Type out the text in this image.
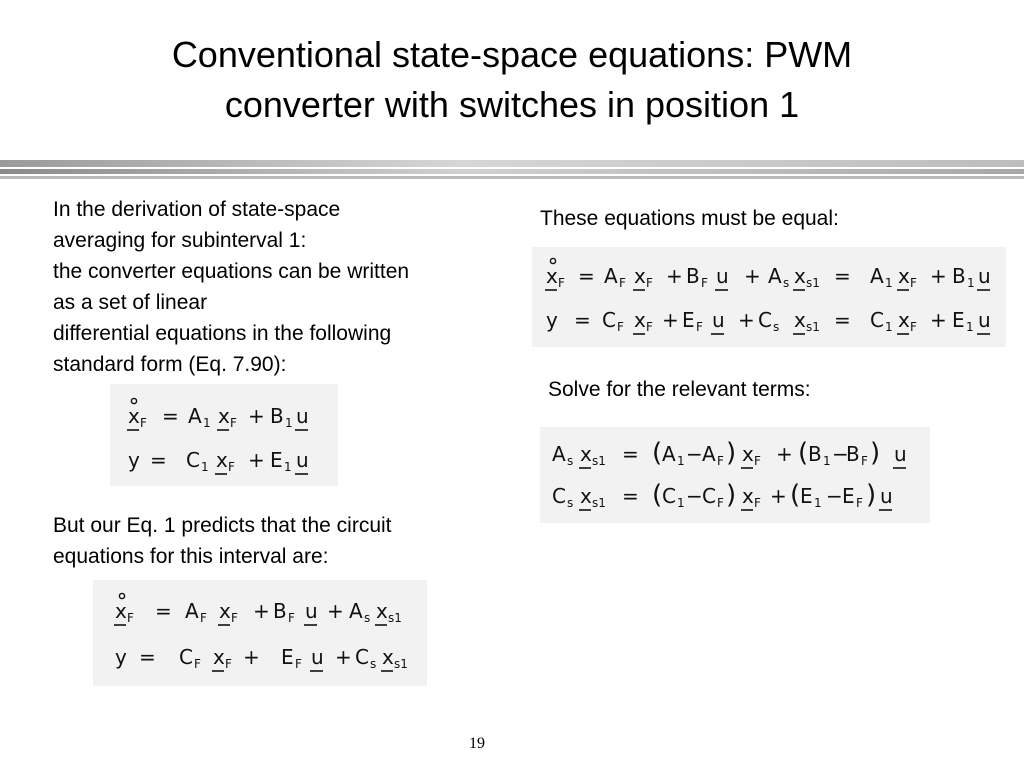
Conventional state-space equations: PWM
converter with switches in position 1
In the derivation of state-space
averaging for subinterval 1:
the converter equations can be written
as a set of linear
differential equations in the following
standard form (Eq. 7.90):
x F = A 1 x F + B 1 u
y = C 1 x F + E 1 u
But our Eq. 1 predicts that the circuit
equations for this interval are:
x F = A F x F + B F u + A s x s1
y = C F x F + E F u + C s x s1
These equations must be equal:
x F = A F x F + B F u + A s x s1 = A 1 x F + B 1 u
y = C F x F + E F u + C s x s1 = C 1 x F + E 1 u
Solve for the relevant terms:
A s x s1 = ( A 1 − A F ) x F + ( B 1 −
B F ) u
C s x s1 = ( C 1 − C F ) x F + ( E 1 − E F ) u
19
